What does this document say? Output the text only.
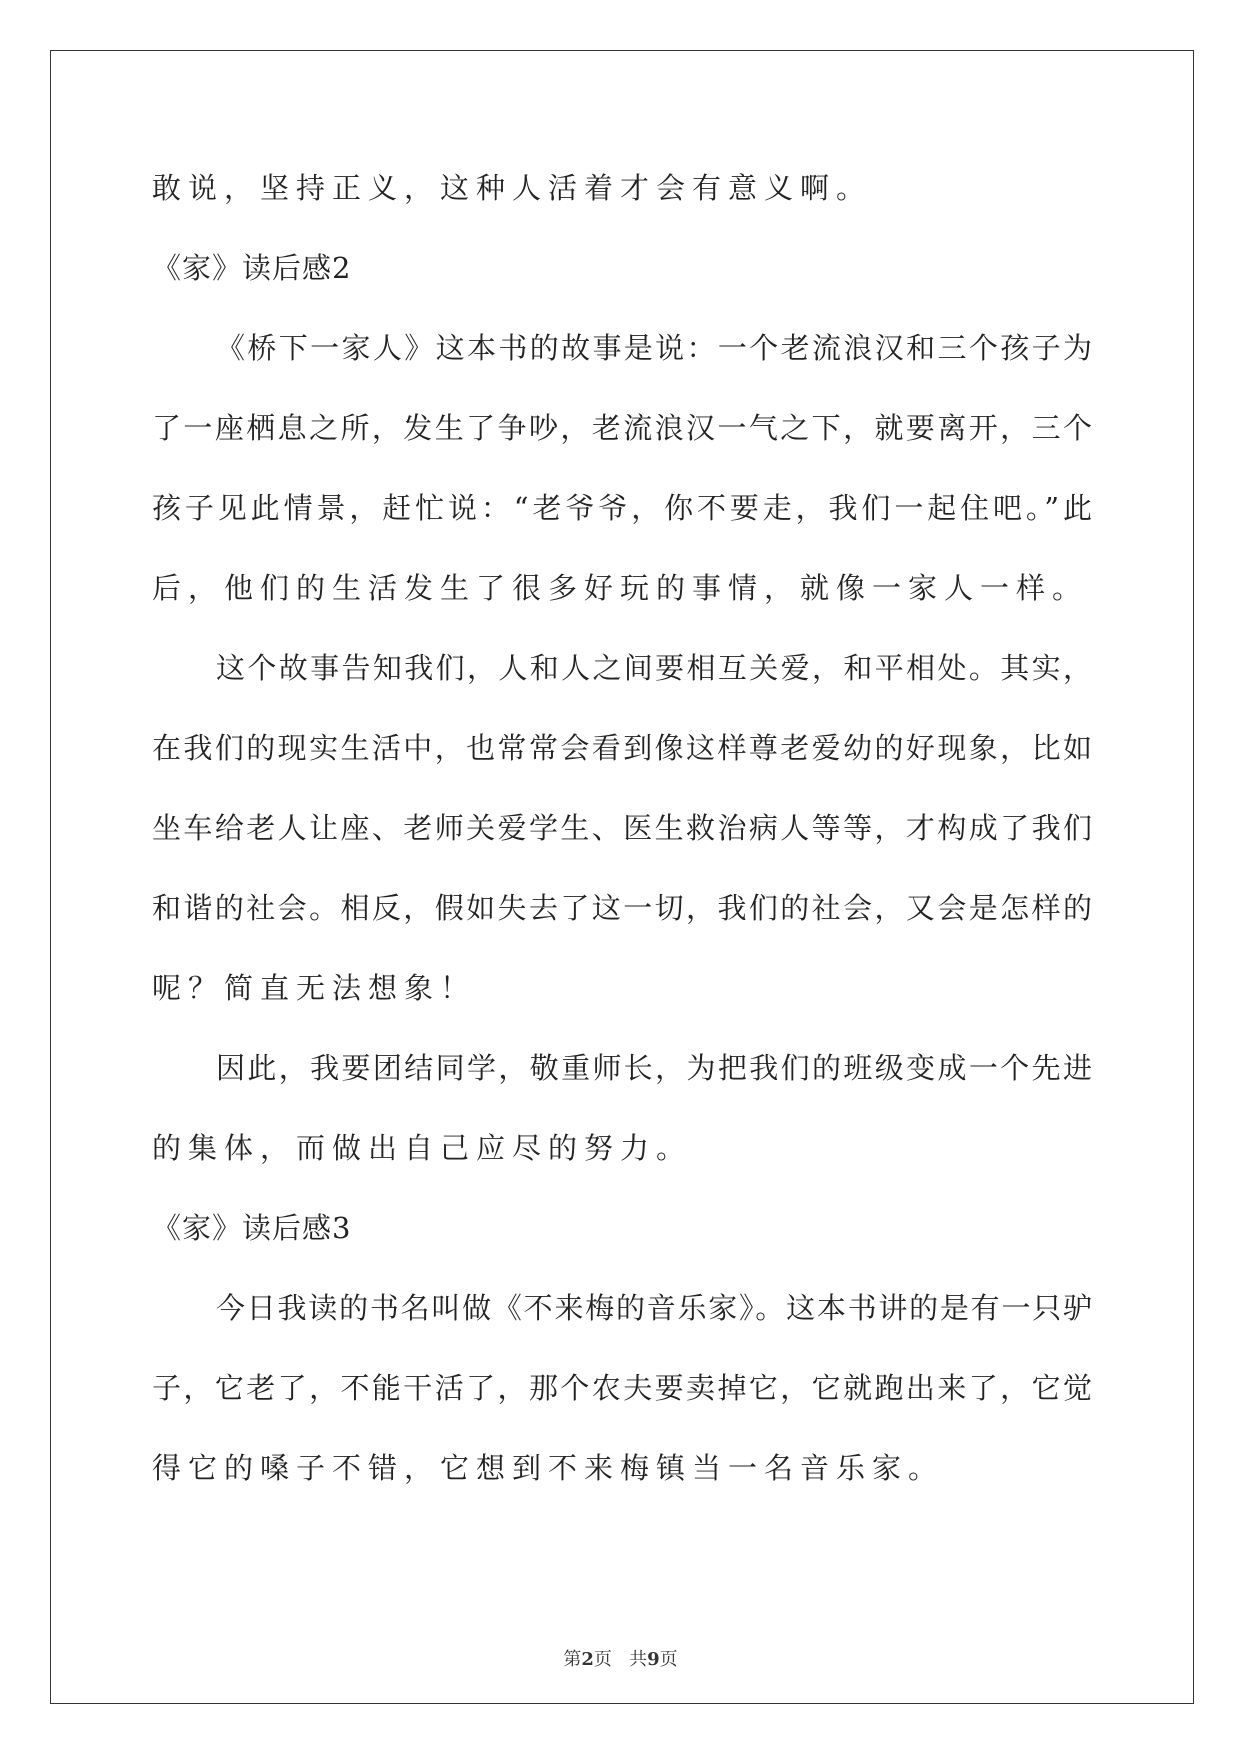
敢说，坚持正义，这种人活着才会有意义啊。
《家》读后感2
《桥下一家人》这本书的故事是说：一个老流浪汉和三个孩子为
了一座栖息之所，发生了争吵，老流浪汉一气之下，就要离开，三个
孩子见此情景，赶忙说：“老爷爷，你不要走，我们一起住吧。”此
后，他们的生活发生了很多好玩的事情，就像一家人一样。
这个故事告知我们，人和人之间要相互关爱，和平相处。其实，
在我们的现实生活中，也常常会看到像这样尊老爱幼的好现象，比如
坐车给老人让座、老师关爱学生、医生救治病人等等，才构成了我们
和谐的社会。相反，假如失去了这一切，我们的社会，又会是怎样的
呢？简直无法想象！
因此，我要团结同学，敬重师长，为把我们的班级变成一个先进
的集体，而做出自己应尽的努力。
《家》读后感3
今日我读的书名叫做《不来梅的音乐家》。这本书讲的是有一只驴
子，它老了，不能干活了，那个农夫要卖掉它，它就跑出来了，它觉
得它的嗓子不错，它想到不来梅镇当一名音乐家。
第2页 共9页
